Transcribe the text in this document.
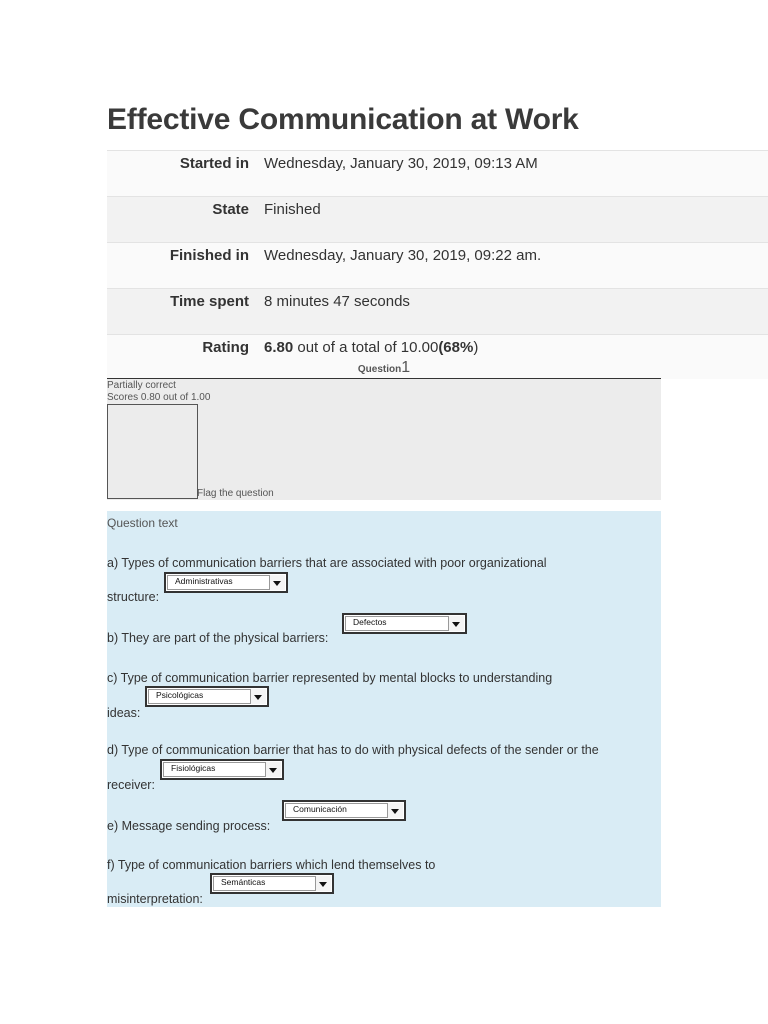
Effective Communication at Work
Started in	Wednesday, January 30, 2019, 09:13 AM
State	Finished
Finished in	Wednesday, January 30, 2019, 09:22 am.
Time spent	8 minutes 47 seconds
Rating	6.80 out of a total of 10.00(68%)
Question1
Partially correct
Scores 0.80 out of 1.00
Flag the question
Question text
a) Types of communication barriers that are associated with poor organizational
Administrativas
structure:
b) They are part of the physical barriers:
Defectos
c) Type of communication barrier represented by mental blocks to understanding
Psicológicas
ideas:
d) Type of communication barrier that has to do with physical defects of the sender or the
Fisiológicas
receiver:
e) Message sending process:
Comunicación
f) Type of communication barriers which lend themselves to
Semánticas
misinterpretation:
